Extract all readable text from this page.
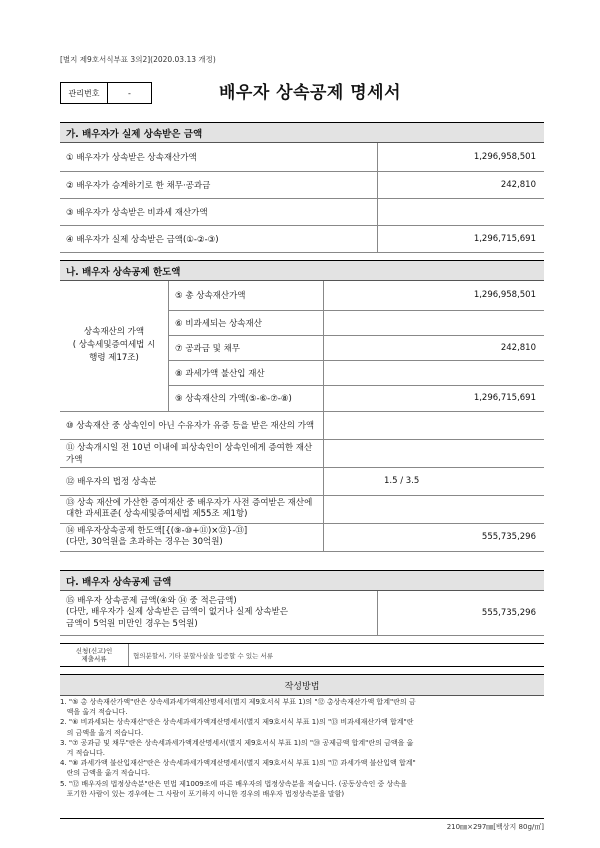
[별지 제9호서식부표 3의2](2020.03.13 개정)
관리번호	-	배우자 상속공제 명세서
가. 배우자가 실제 상속받은 금액
① 배우자가 상속받은 상속재산가액	1,296,958,501
② 배우자가 승계하기로 한 채무·공과금	242,810
③ 배우자가 상속받은 비과세 재산가액	
④ 배우자가 실제 상속받은 금액(①-②-③)	1,296,715,691
나. 배우자 상속공제 한도액
상속재산의 가액
( 상속세및증여세법 시
행령 제17조)	⑤ 총 상속재산가액	1,296,958,501
	⑥ 비과세되는 상속재산	
	⑦ 공과금 및 채무	242,810
	⑧ 과세가액 불산입 재산	
	⑨ 상속재산의 가액(⑤-⑥-⑦-⑧)	1,296,715,691
⑩ 상속재산 중 상속인이 아닌 수유자가 유증 등을 받은 재산의 가액		
⑪ 상속개시일 전 10년 이내에 피상속인이 상속인에게 증여한 재산가액		
⑫ 배우자의 법정 상속분		1.5 / 3.5
⑬ 상속 재산에 가산한 증여재산 중 배우자가 사전 증여받은 재산에
대한 과세표준( 상속세및증여세법 제55조 제1항)		
⑭ 배우자상속공제 한도액[{(⑨-⑩+⑪)×⑫}-⑬]
(다만, 30억원을 초과하는 경우는 30억원)		555,735,296
다. 배우자 상속공제 금액
⑮ 배우자 상속공제 금액(④와 ⑭ 중 적은금액)
(다만, 배우자가 실제 상속받은 금액이 없거나 실제 상속받은
금액이 5억원 미만인 경우는 5억원)	555,735,296
신청(신고)인
제출서류	협의분할서, 기타 분할사실을 입증할 수 있는 서류
작성방법
1. "⑤ 총 상속재산가액"란은 상속세과세가액계산명세서(별지 제9호서식 부표 1)의 "⑫ 총상속재산가액 합계"란의 금
액을 옮겨 적습니다.
2. "⑥ 비과세되는 상속재산"란은 상속세과세가액계산명세서(별지 제9호서식 부표 1)의 "⑬ 비과세재산가액 합계"란
의 금액을 옮겨 적습니다.
3. "⑦ 공과금 및 채무"란은 상속세과세가액계산명세서(별지 제9호서식 부표 1)의 "⑳ 공제금액 합계"란의 금액을 옮
겨 적습니다.
4. "⑧ 과세가액 불산입재산"란은 상속세과세가액계산명세서(별지 제9호서식 부표 1)의 "⑰ 과세가액 불산입액 합계"
란의 금액을 옮겨 적습니다.
5. "⑫ 배우자의 법정상속분"란은 민법 제1009조에 따른 배우자의 법정상속분을 적습니다. (공동상속인 중 상속을
포기한 사람이 있는 경우에는 그 사람이 포기하지 아니한 경우의 배우자 법정상속분을 말함)
210㎜×297㎜[백상지 80g/㎡]
